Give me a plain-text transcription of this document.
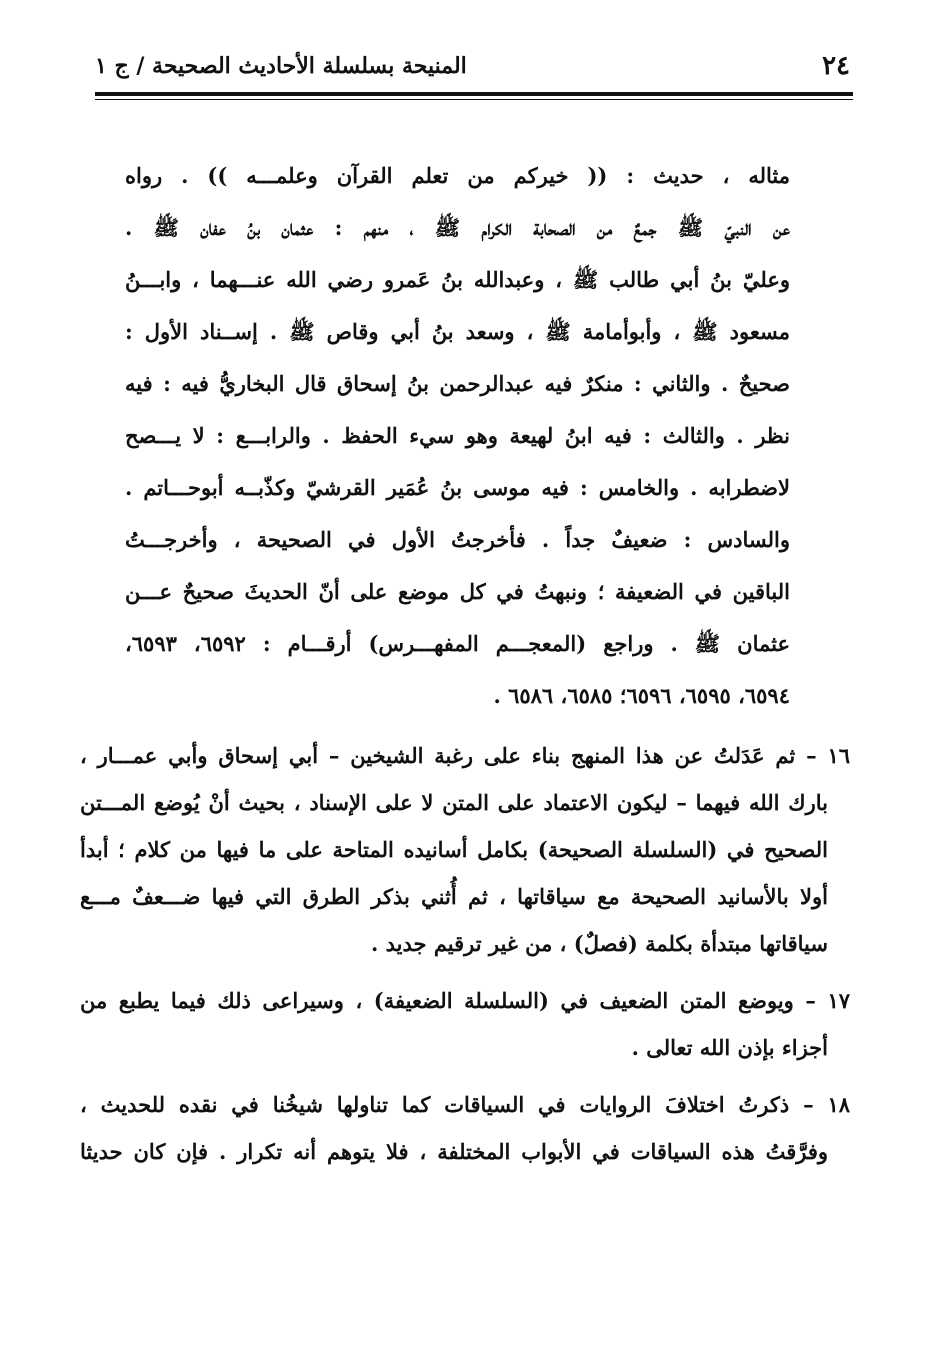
٢٤
المنيحة بسلسلة الأحاديث الصحيحة / ج ١
مثاله ، حديث : (( خيركم من تعلم القرآن وعلمـــه )) . رواه
عن النبيّ ﷺ جمعٌ من الصحابة الكرام ﷺ ، منهم : عثمان بنُ عفان ﷺ .
وعليّ بنُ أبي طالب ﷺ ، وعبدالله بنُ عَمرو رضي الله عنـــهما ، وابـــنُ
مسعود ﷺ ، وأبوأمامة ﷺ ، وسعد بنُ أبي وقاص ﷺ . إســناد الأول :
صحيحٌ . والثاني : منكرٌ فيه عبدالرحمن بنُ إسحاق قال البخاريُّ فيه : فيه
نظر . والثالث : فيه ابنُ لهيعة وهو سيء الحفظ . والرابـــع : لا يـــصح
لاضطرابه . والخامس : فيه موسى بنُ عُمَير القرشيّ وكذّبــه أبوحـــاتم .
والسادس : ضعيفٌ جداً . فأخرجتُ الأول في الصحيحة ، وأخرجـــتُ
الباقين في الضعيفة ؛ ونبهتُ في كل موضع على أنّ الحديثَ صحيحٌ عـــن
عثمان ﷺ . وراجع (المعجـــم المفهـــرس) أرقـــام : ٦٥٩٢، ٦٥٩٣،
٦٥٩٤، ٦٥٩٥، ٦٥٩٦؛ ٦٥٨٥، ٦٥٨٦ .
١٦ – ثم عَدَلتُ عن هذا المنهج بناء على رغبة الشيخين – أبي إسحاق وأبي عمـــار ،
بارك الله فيهما – ليكون الاعتماد على المتن لا على الإسناد ، بحيث أنْ يُوضع المـــتن
الصحيح في (السلسلة الصحيحة) بكامل أسانيده المتاحة على ما فيها من كلام ؛ أبدأ
أولا بالأسانيد الصحيحة مع سياقاتها ، ثم أُثني بذكر الطرق التي فيها ضـــعفٌ مـــع
سياقاتها مبتدأة بكلمة (فصلٌ) ، من غير ترقيم جديد .
١٧ – ويوضع المتن الضعيف في (السلسلة الضعيفة) ، وسيراعى ذلك فيما يطبع من
أجزاء بإذن الله تعالى .
١٨ – ذكرتُ اختلافَ الروايات في السياقات كما تناولها شيخُنا في نقده للحديث ،
وفرَّقتُ هذه السياقات في الأبواب المختلفة ، فلا يتوهم أنه تكرار . فإن كان حديثا
